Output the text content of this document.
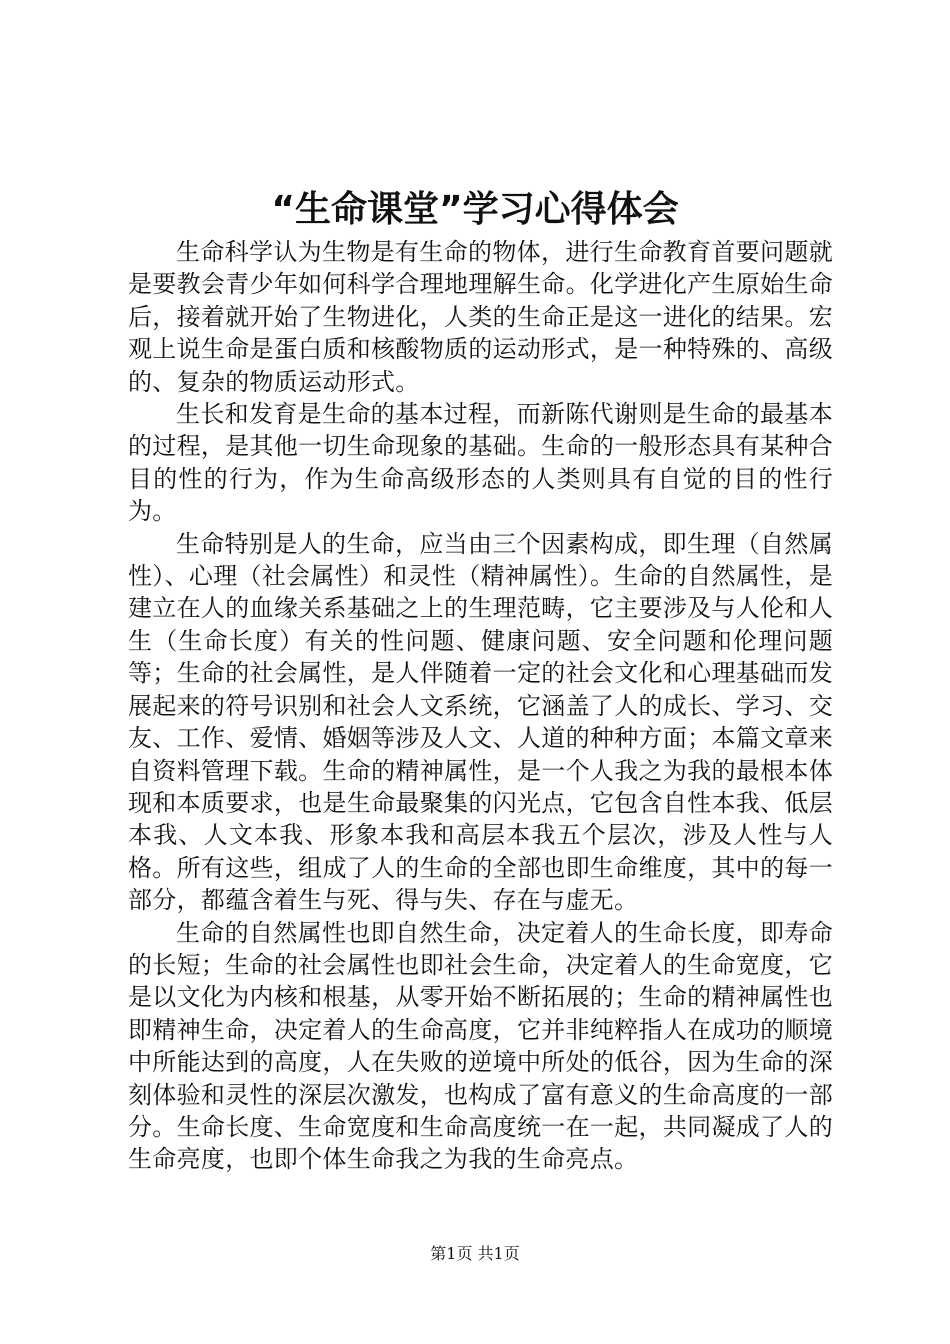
“生命课堂”学习心得体会

生命科学认为生物是有生命的物体，进行生命教育首要问题就是要教会青少年如何科学合理地理解生命。化学进化产生原始生命后，接着就开始了生物进化，人类的生命正是这一进化的结果。宏观上说生命是蛋白质和核酸物质的运动形式，是一种特殊的、高级的、复杂的物质运动形式。

生长和发育是生命的基本过程，而新陈代谢则是生命的最基本的过程，是其他一切生命现象的基础。生命的一般形态具有某种合目的性的行为，作为生命高级形态的人类则具有自觉的目的性行为。

生命特别是人的生命，应当由三个因素构成，即生理（自然属性）、心理（社会属性）和灵性（精神属性）。生命的自然属性，是建立在人的血缘关系基础之上的生理范畴，它主要涉及与人伦和人生（生命长度）有关的性问题、健康问题、安全问题和伦理问题等；生命的社会属性，是人伴随着一定的社会文化和心理基础而发展起来的符号识别和社会人文系统，它涵盖了人的成长、学习、交友、工作、爱情、婚姻等涉及人文、人道的种种方面；本篇文章来自资料管理下载。生命的精神属性，是一个人我之为我的最根本体现和本质要求，也是生命最聚集的闪光点，它包含自性本我、低层本我、人文本我、形象本我和高层本我五个层次，涉及人性与人格。所有这些，组成了人的生命的全部也即生命维度，其中的每一部分，都蕴含着生与死、得与失、存在与虚无。

生命的自然属性也即自然生命，决定着人的生命长度，即寿命的长短；生命的社会属性也即社会生命，决定着人的生命宽度，它是以文化为内核和根基，从零开始不断拓展的；生命的精神属性也即精神生命，决定着人的生命高度，它并非纯粹指人在成功的顺境中所能达到的高度，人在失败的逆境中所处的低谷，因为生命的深刻体验和灵性的深层次激发，也构成了富有意义的生命高度的一部分。生命长度、生命宽度和生命高度统一在一起，共同凝成了人的生命亮度，也即个体生命我之为我的生命亮点。

第1页 共1页
